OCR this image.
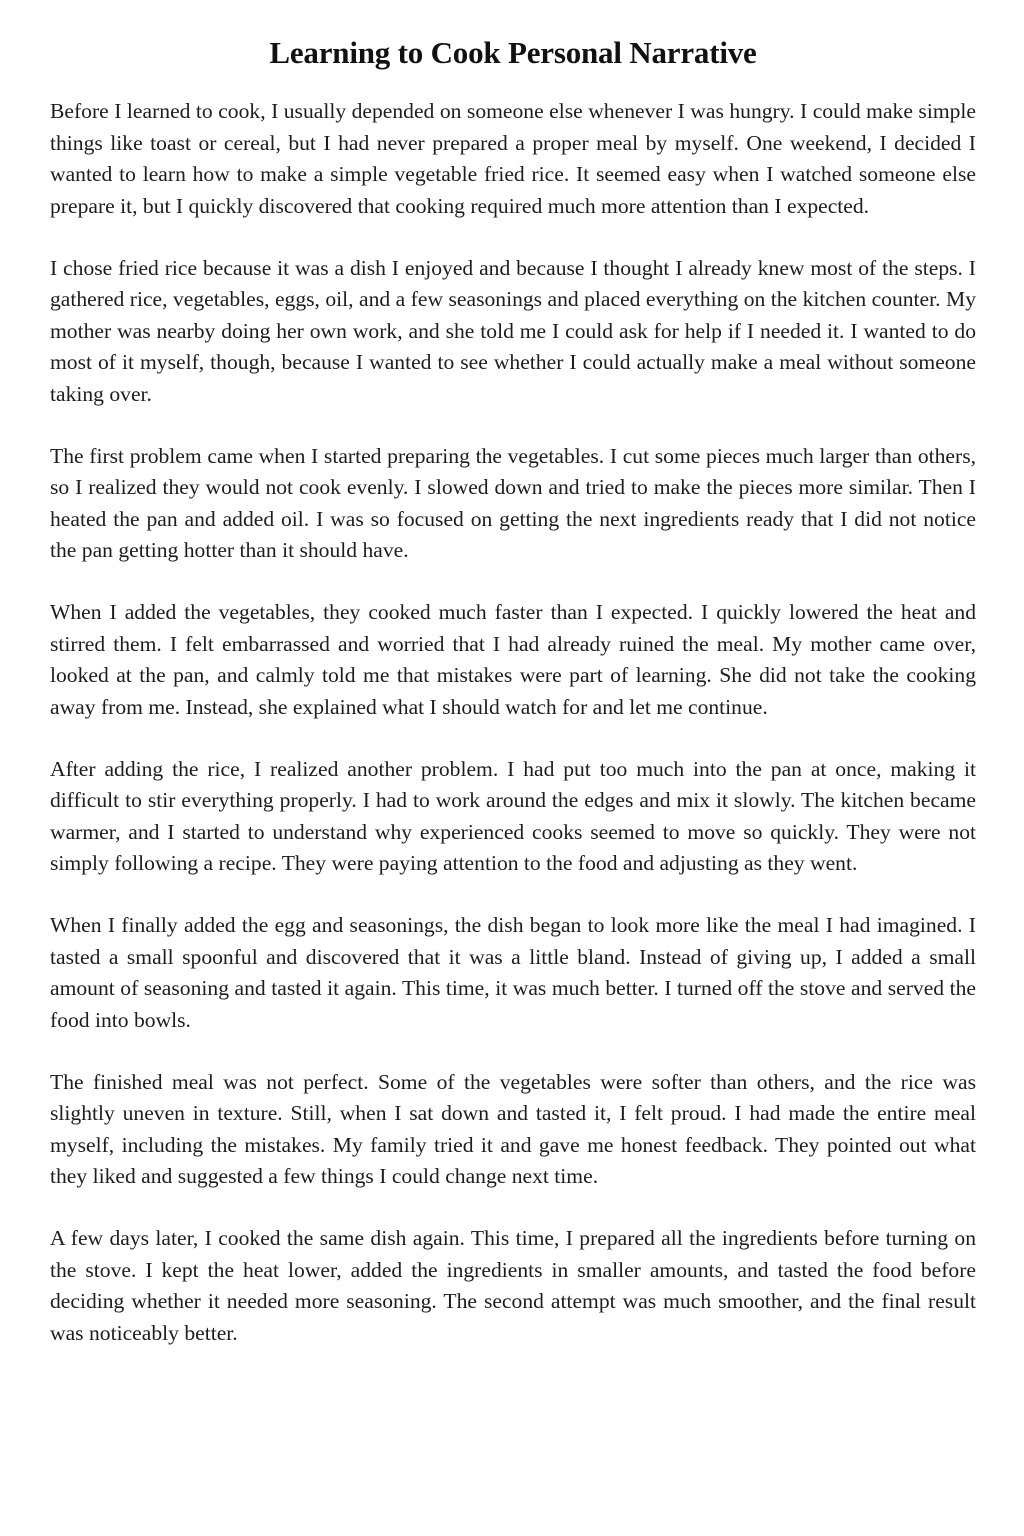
Learning to Cook Personal Narrative

Before I learned to cook, I usually depended on someone else whenever I was hungry. I could make simple things like toast or cereal, but I had never prepared a proper meal by myself. One weekend, I decided I wanted to learn how to make a simple vegetable fried rice. It seemed easy when I watched someone else prepare it, but I quickly discovered that cooking required much more attention than I expected.

I chose fried rice because it was a dish I enjoyed and because I thought I already knew most of the steps. I gathered rice, vegetables, eggs, oil, and a few seasonings and placed everything on the kitchen counter. My mother was nearby doing her own work, and she told me I could ask for help if I needed it. I wanted to do most of it myself, though, because I wanted to see whether I could actually make a meal without someone taking over.

The first problem came when I started preparing the vegetables. I cut some pieces much larger than others, so I realized they would not cook evenly. I slowed down and tried to make the pieces more similar. Then I heated the pan and added oil. I was so focused on getting the next ingredients ready that I did not notice the pan getting hotter than it should have.

When I added the vegetables, they cooked much faster than I expected. I quickly lowered the heat and stirred them. I felt embarrassed and worried that I had already ruined the meal. My mother came over, looked at the pan, and calmly told me that mistakes were part of learning. She did not take the cooking away from me. Instead, she explained what I should watch for and let me continue.

After adding the rice, I realized another problem. I had put too much into the pan at once, making it difficult to stir everything properly. I had to work around the edges and mix it slowly. The kitchen became warmer, and I started to understand why experienced cooks seemed to move so quickly. They were not simply following a recipe. They were paying attention to the food and adjusting as they went.

When I finally added the egg and seasonings, the dish began to look more like the meal I had imagined. I tasted a small spoonful and discovered that it was a little bland. Instead of giving up, I added a small amount of seasoning and tasted it again. This time, it was much better. I turned off the stove and served the food into bowls.

The finished meal was not perfect. Some of the vegetables were softer than others, and the rice was slightly uneven in texture. Still, when I sat down and tasted it, I felt proud. I had made the entire meal myself, including the mistakes. My family tried it and gave me honest feedback. They pointed out what they liked and suggested a few things I could change next time.

A few days later, I cooked the same dish again. This time, I prepared all the ingredients before turning on the stove. I kept the heat lower, added the ingredients in smaller amounts, and tasted the food before deciding whether it needed more seasoning. The second attempt was much smoother, and the final result was noticeably better.
